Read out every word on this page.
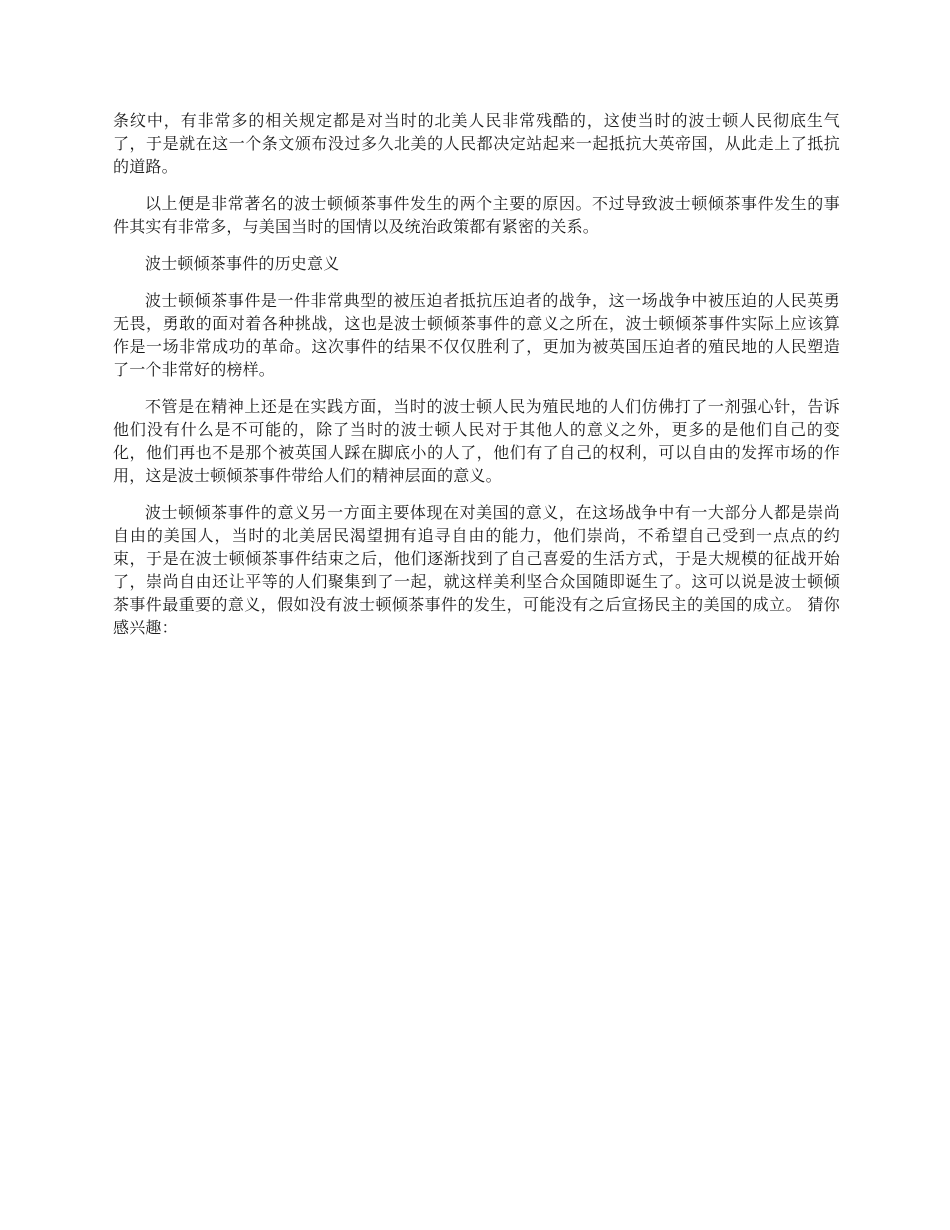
条纹中，有非常多的相关规定都是对当时的北美人民非常残酷的，这使当时的波士顿人民彻底生气了，于是就在这一个条文颁布没过多久北美的人民都决定站起来一起抵抗大英帝国，从此走上了抵抗的道路。

以上便是非常著名的波士顿倾茶事件发生的两个主要的原因。不过导致波士顿倾茶事件发生的事件其实有非常多，与美国当时的国情以及统治政策都有紧密的关系。

波士顿倾茶事件的历史意义

波士顿倾茶事件是一件非常典型的被压迫者抵抗压迫者的战争，这一场战争中被压迫的人民英勇无畏，勇敢的面对着各种挑战，这也是波士顿倾茶事件的意义之所在，波士顿倾茶事件实际上应该算作是一场非常成功的革命。这次事件的结果不仅仅胜利了，更加为被英国压迫者的殖民地的人民塑造了一个非常好的榜样。

不管是在精神上还是在实践方面，当时的波士顿人民为殖民地的人们仿佛打了一剂强心针，告诉他们没有什么是不可能的，除了当时的波士顿人民对于其他人的意义之外，更多的是他们自己的变化，他们再也不是那个被英国人踩在脚底小的人了，他们有了自己的权利，可以自由的发挥市场的作用，这是波士顿倾茶事件带给人们的精神层面的意义。

波士顿倾茶事件的意义另一方面主要体现在对美国的意义，在这场战争中有一大部分人都是崇尚自由的美国人，当时的北美居民渴望拥有追寻自由的能力，他们崇尚，不希望自己受到一点点的约束，于是在波士顿倾茶事件结束之后，他们逐渐找到了自己喜爱的生活方式，于是大规模的征战开始了，崇尚自由还让平等的人们聚集到了一起，就这样美利坚合众国随即诞生了。这可以说是波士顿倾茶事件最重要的意义，假如没有波士顿倾茶事件的发生，可能没有之后宣扬民主的美国的成立。 猜你感兴趣：
